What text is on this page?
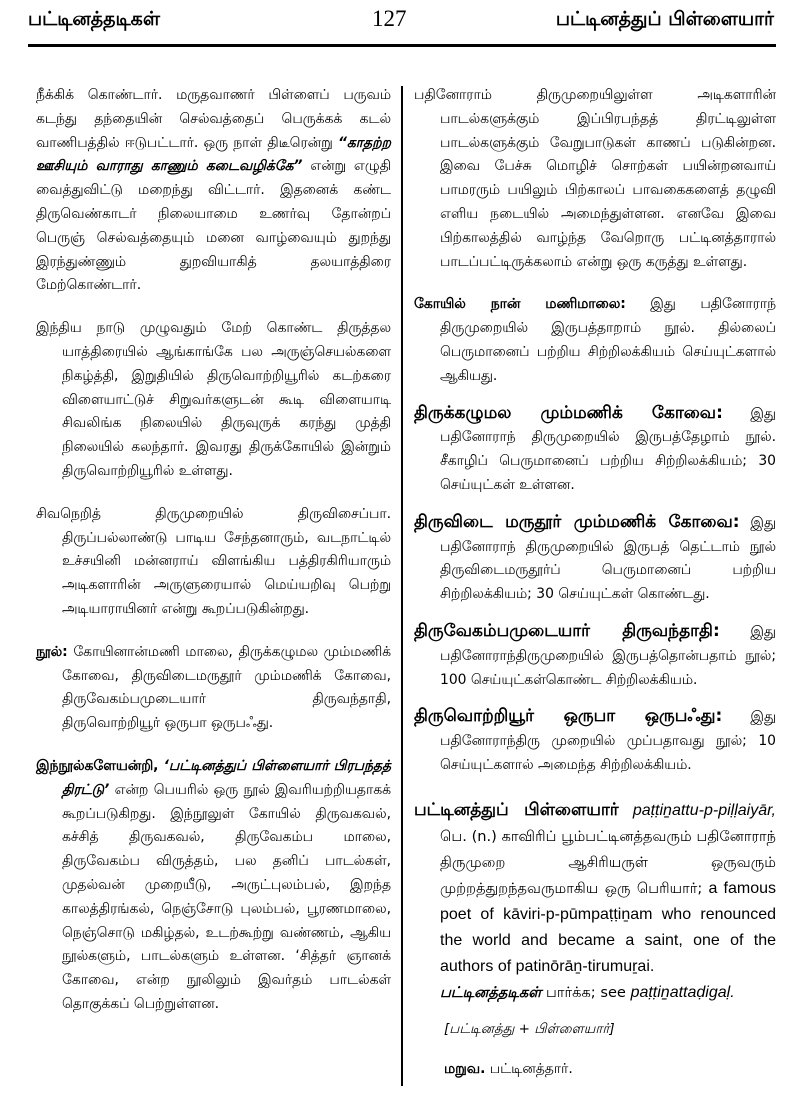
பட்டினத்தடிகள்	127	பட்டினத்துப் பிள்ளையார்

நீக்கிக் கொண்டார். மருதவாணர் பிள்ளைப் பருவம் கடந்து தந்தையின் செல்வத்தைப் பெருக்கக் கடல் வாணிபத்தில் ஈடுபட்டார். ஒரு நாள் திடீரென்று “காதற்ற ஊசியும் வாராது காணும் கடைவழிக்கே” என்று எழுதி வைத்துவிட்டு மறைந்து விட்டார். இதனைக் கண்ட திருவெண்காடர் நிலையாமை உணர்வு தோன்றப் பெருஞ் செல்வத்தையும் மனை வாழ்வையும் துறந்து இரந்துண்ணும் துறவியாகித் தலயாத்திரை மேற்கொண்டார்.

இந்திய நாடு முழுவதும் மேற் கொண்ட திருத்தல யாத்திரையில் ஆங்காங்கே பல அருஞ்செயல்களை நிகழ்த்தி, இறுதியில் திருவொற்றியூரில் கடற்கரை விளையாட்டுச் சிறுவர்களுடன் கூடி விளையாடி சிவலிங்க நிலையில் திருவுருக் கரந்து முத்தி நிலையில் கலந்தார். இவரது திருக்கோயில் இன்றும் திருவொற்றியூரில் உள்ளது.

சிவநெறித் திருமுறையில் திருவிசைப்பா. திருப்பல்லாண்டு பாடிய சேந்தனாரும், வடநாட்டில் உச்சயினி மன்னராய் விளங்கிய பத்திரகிரியாரும் அடிகளாரின் அருளுரையால் மெய்யறிவு பெற்று அடியாராயினர் என்று கூறப்படுகின்றது.

நூல்: கோயினான்மணி மாலை, திருக்கழுமல மும்மணிக் கோவை, திருவிடைமருதூர் மும்மணிக் கோவை, திருவேகம்பமுடையார் திருவந்தாதி, திருவொற்றியூர் ஒருபா ஒருபஃது.

இந்நூல்களேயன்றி, ‘பட்டினத்துப் பிள்ளையார் பிரபந்தத் திரட்டு’ என்ற பெயரில் ஒரு நூல் இவரியற்றியதாகக் கூறப்படுகிறது. இந்நூலுள் கோயில் திருவகவல், கச்சித் திருவகவல், திருவேகம்ப மாலை, திருவேகம்ப விருத்தம், பல தனிப் பாடல்கள், முதல்வன் முறையீடு, அருட்புலம்பல், இறந்த காலத்திரங்கல், நெஞ்சோடு புலம்பல், பூரணமாலை, நெஞ்சொடு மகிழ்தல், உடற்கூற்று வண்ணம், ஆகிய நூல்களும், பாடல்களும் உள்ளன. ‘சித்தர் ஞானக் கோவை, என்ற நூலிலும் இவர்தம் பாடல்கள் தொகுக்கப் பெற்றுள்ளன.

பதினோராம் திருமுறையிலுள்ள அடிகளாரின் பாடல்களுக்கும் இப்பிரபந்தத் திரட்டிலுள்ள பாடல்களுக்கும் வேறுபாடுகள் காணப் படுகின்றன. இவை பேச்சு மொழிச் சொற்கள் பயின்றனவாய் பாமரரும் பயிலும் பிற்காலப் பாவகைகளைத் தழுவி எளிய நடையில் அமைந்துள்ளன. எனவே இவை பிற்காலத்தில் வாழ்ந்த வேறொரு பட்டினத்தாரால் பாடப்பட்டிருக்கலாம் என்று ஒரு கருத்து உள்ளது.

கோயில் நான் மணிமாலை: இது பதினோராந் திருமுறையில் இருபத்தாறாம் நூல். தில்லைப் பெருமானைப் பற்றிய சிற்றிலக்கியம் செய்யுட்களால் ஆகியது.

திருக்கழுமல மும்மணிக் கோவை: இது பதினோராந் திருமுறையில் இருபத்தேழாம் நூல். சீகாழிப் பெருமானைப் பற்றிய சிற்றிலக்கியம்; 30 செய்யுட்கள் உள்ளன.

திருவிடை மருதூர் மும்மணிக் கோவை: இது பதினோராந் திருமுறையில் இருபத் தெட்டாம் நூல் திருவிடைமருதூர்ப் பெருமானைப் பற்றிய சிற்றிலக்கியம்; 30 செய்யுட்கள் கொண்டது.

திருவேகம்பமுடையார் திருவந்தாதி: இது பதினோராந்திருமுறையில் இருபத்தொன்பதாம் நூல்; 100 செய்யுட்கள்கொண்ட சிற்றிலக்கியம்.

திருவொற்றியூர் ஒருபா ஒருபஃது: இது பதினோராந்திரு முறையில் முப்பதாவது நூல்; 10 செய்யுட்களால் அமைந்த சிற்றிலக்கியம்.

பட்டினத்துப் பிள்ளையார் paṭṭiṉattu-p-piḷḷaiyār, பெ. (n.) காவிரிப் பூம்பட்டினத்தவரும் பதினோராந் திருமுறை ஆசிரியருள் ஒருவரும் முற்றத்துறந்தவருமாகிய ஒரு பெரியார்; a famous poet of kāviri-p-pūmpaṭṭiṉam who renounced the world and became a saint, one of the authors of patinōrāṉ-tirumuṟai.
பட்டினத்தடிகள் பார்க்க; see paṭṭiṉattaḍigaḷ.

[பட்டினத்து + பிள்ளையார்]

மறுவ. பட்டினத்தார்.
